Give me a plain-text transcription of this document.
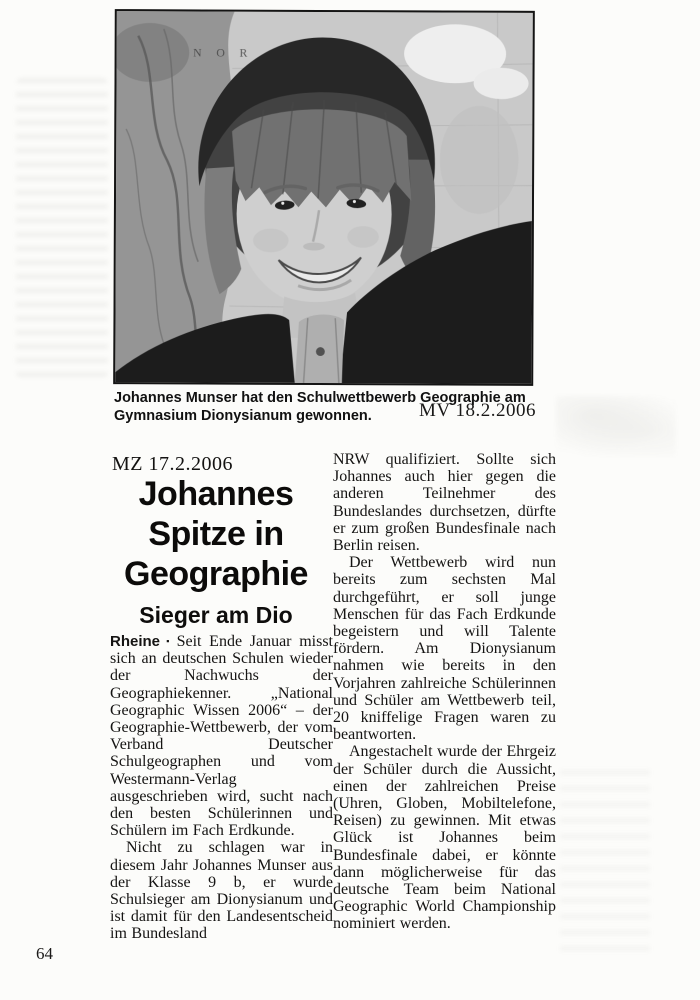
N O R
Johannes Munser hat den Schulwettbewerb Geographie am
Gymnasium Dionysianum gewonnen.	MV 18.2.2006
MZ 17.2.2006
Johannes
Spitze in
Geographie
Sieger am Dio

Rheine ▪ Seit Ende Januar misst sich an deutschen Schulen wieder der Nachwuchs der Geographiekenner. „National Geographic Wissen 2006“ – der Geographie-Wettbewerb, der vom Verband Deutscher Schulgeographen und vom Westermann-Verlag ausgeschrieben wird, sucht nach den besten Schülerinnen und Schülern im Fach Erdkunde.

Nicht zu schlagen war in diesem Jahr Johannes Munser aus der Klasse 9 b, er wurde Schulsieger am Dionysianum und ist damit für den Landesentscheid im Bundesland

NRW qualifiziert. Sollte sich Johannes auch hier gegen die anderen Teilnehmer des Bundeslandes durchsetzen, dürfte er zum großen Bundesfinale nach Berlin reisen.

Der Wettbewerb wird nun bereits zum sechsten Mal durchgeführt, er soll junge Menschen für das Fach Erdkunde begeistern und will Talente fördern. Am Dionysianum nahmen wie bereits in den Vorjahren zahlreiche Schülerinnen und Schüler am Wettbewerb teil, 20 kniffelige Fragen waren zu beantworten.

Angestachelt wurde der Ehrgeiz der Schüler durch die Aussicht, einen der zahlreichen Preise (Uhren, Globen, Mobiltelefone, Reisen) zu gewinnen. Mit etwas Glück ist Johannes beim Bundesfinale dabei, er könnte dann möglicherweise für das deutsche Team beim National Geographic World Championship nominiert werden.

64
